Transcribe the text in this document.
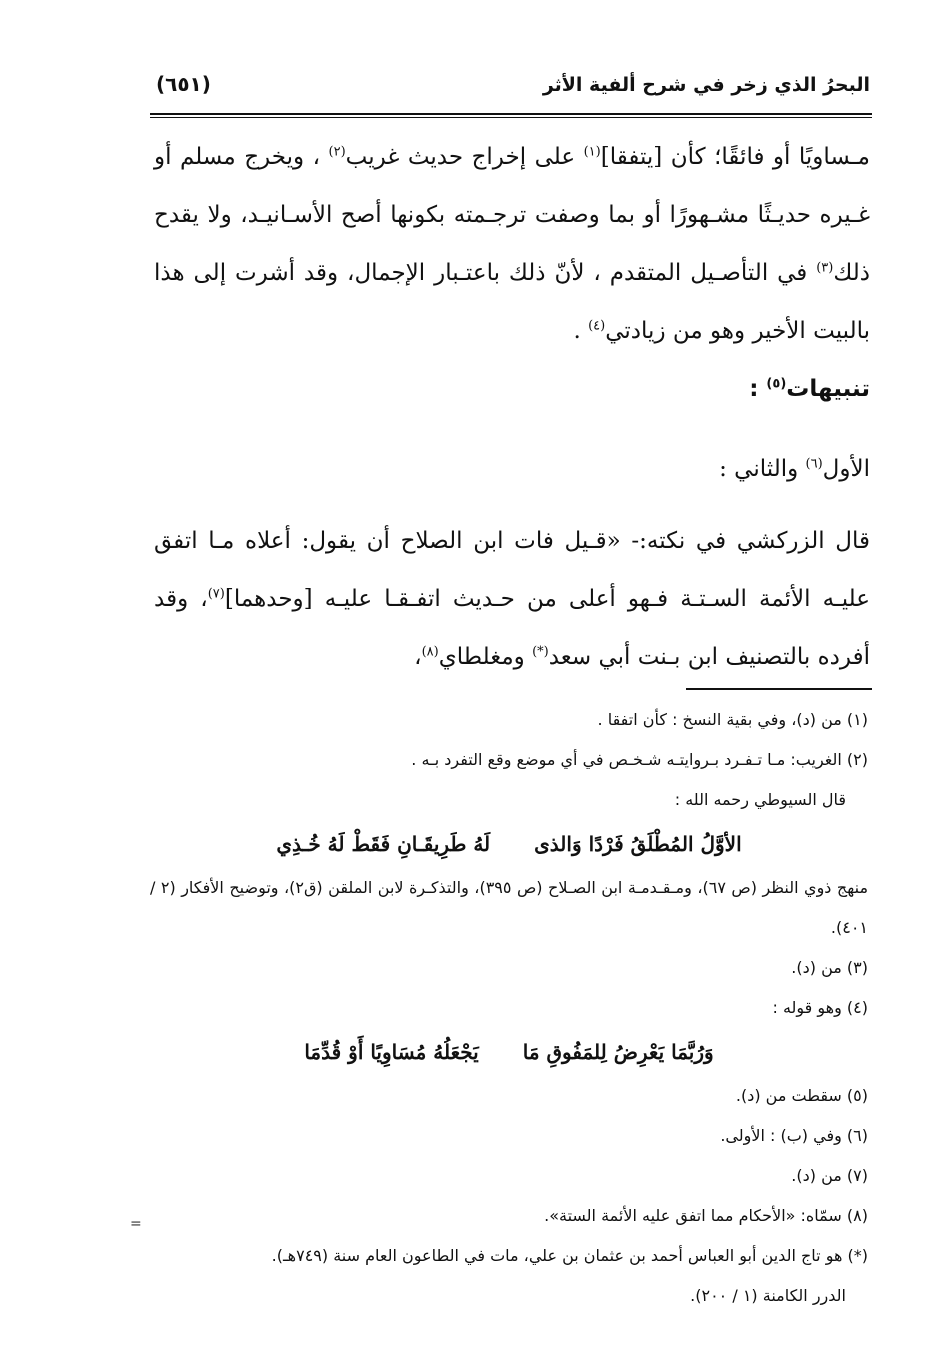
البحرُ الذي زخر في شرح ألفية الأثر
(٦٥١)

مـساويًا أو فائقًا؛ كأن [يتفقا]$^{(١)}$ على إخراج حديث غريب$^{(٢)}$ ، ويخرج مسلم أو غـيره حديـثًا مشـهورًا أو بما وصفت ترجـمته بكونها أصح الأسـانيـد، ولا يقدح ذلك$^{(٣)}$ في التأصـيل المتقدم ، لأنّ ذلك باعتـبار الإجمال، وقد أشرت إلى هذا بالبيت الأخير وهو من زيادتي$^{(٤)}$ .

تنبيهات$^{(٥)}$ :

الأول$^{(٦)}$ والثاني :

قال الزركشي في نكته:- «قـيل فات ابن الصلاح أن يقول: أعلاه مـا اتفق عليـه الأئمة السـتـة فـهو أعلى من حـديث اتفـقـا عليـه [وحدهما]$^{(٧)}$، وقد أفرده بالتصنيف ابن بـنت أبي سعد(*) ومغلطاي$^{(٨)}$،

(١) من (د)، وفي بقية النسخ : كأن اتفقا .
(٢) الغريب: مـا تـفـرد بـروايتـه شـخـص في أي موضع وقع التفرد بـه .
قال السيوطي رحمه الله :
الأوَّلُ المُطْلَقُ فَرْدًا وَالذىلَهُ طَرِيقَـانِ فَقَطْ لَهُ خُـذِي
منهج ذوي النظر (ص ٦٧)، ومـقـدمـة ابن الصـلاح (ص ٣٩٥)، والتذكـرة لابن الملقن (ق٢)، وتوضيح الأفكار (٢ / ٤٠١).
(٣) من (د).
(٤) وهو قوله :
وَرُبَّمَا يَعْرِضُ لِلمَفُوقِ مَايَجْعَلُهُ مُسَاوِيًا أَوْ قُدِّمَا
(٥) سقطت من (د).
(٦) وفي (ب) : الأولى.
(٧) من (د).
(٨) سمّاه: «الأحكام مما اتفق عليه الأئمة الستة».
(*) هو تاج الدين أبو العباس أحمد بن عثمان بن علي، مات في الطاعون العام سنة (٧٤٩هـ).
الدرر الكامنة (١ / ٢٠٠).
=
